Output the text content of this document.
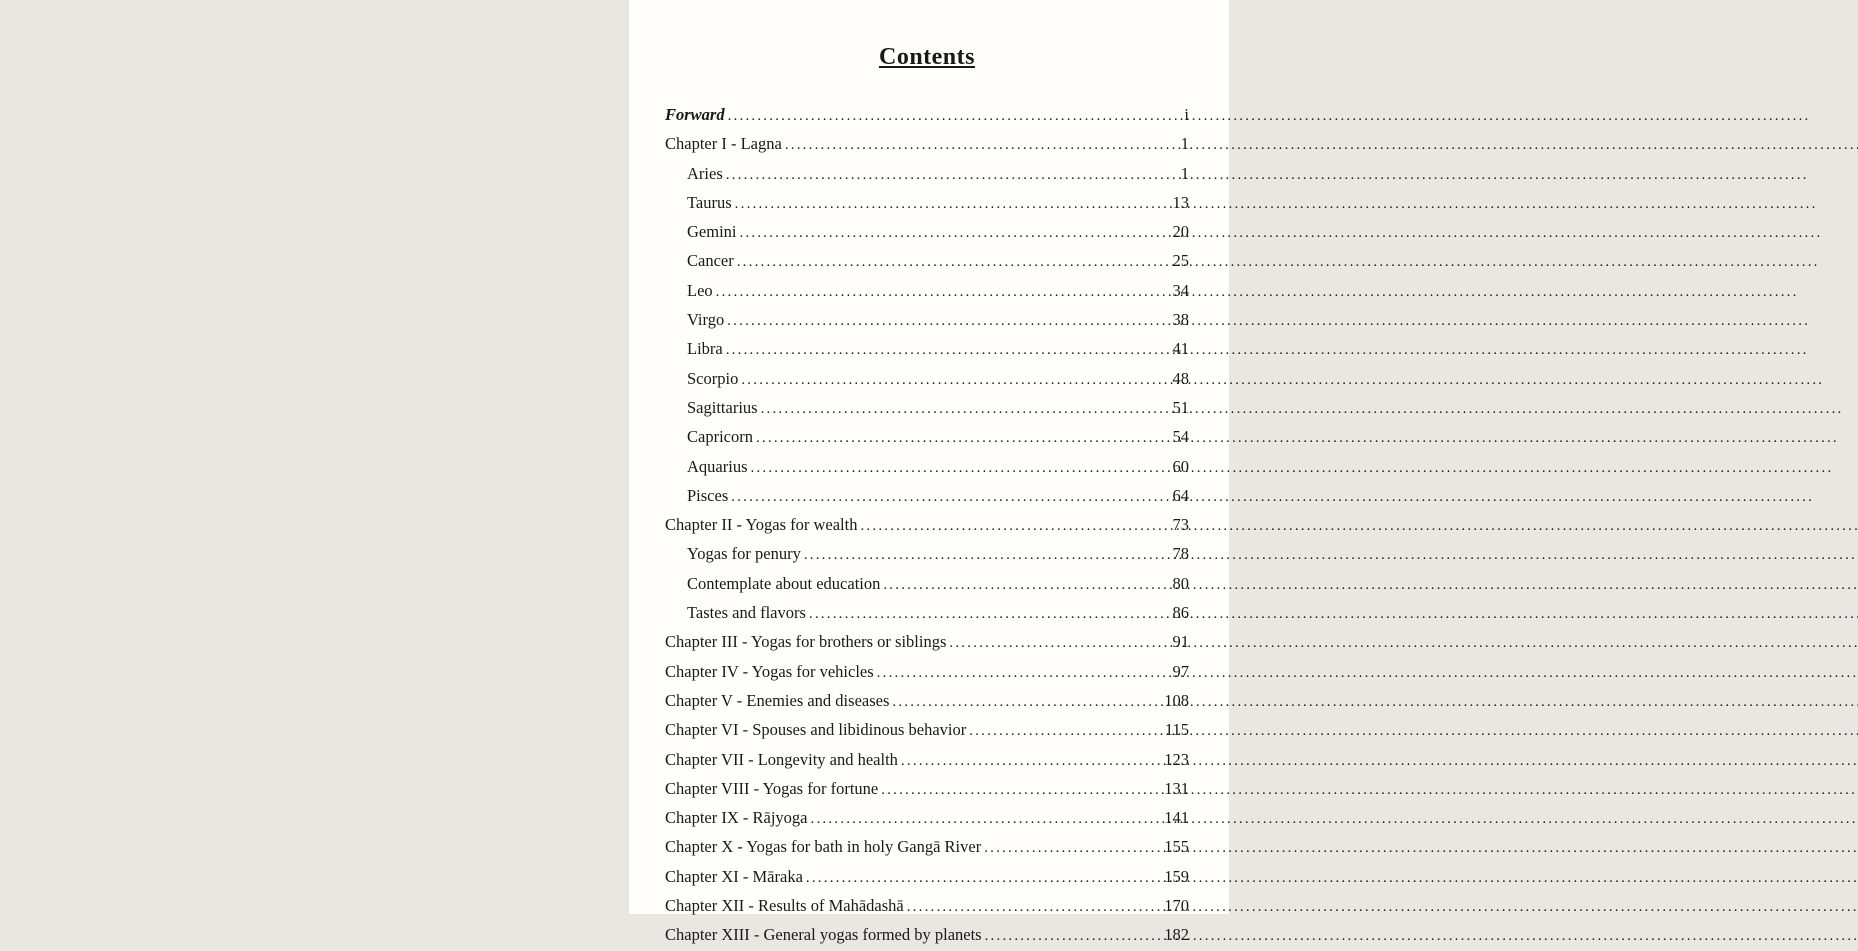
Contents
Forward .....	i
Chapter I - Lagna .....	1
Aries .....	1
Taurus .....	13
Gemini .....	20
Cancer .....	25
Leo .....	34
Virgo .....	38
Libra .....	41
Scorpio .....	48
Sagittarius .....	51
Capricorn .....	54
Aquarius .....	60
Pisces .....	64
Chapter II - Yogas for wealth .....	73
Yogas for penury .....	78
Contemplate about education .....	80
Tastes and flavors .....	86
Chapter III - Yogas for brothers or siblings .....	91
Chapter IV - Yogas for vehicles .....	97
Chapter V - Enemies and diseases .....	108
Chapter VI - Spouses and libidinous behavior .....	115
Chapter VII - Longevity and health .....	123
Chapter VIII - Yogas for fortune .....	131
Chapter IX - Rājyoga .....	141
Chapter X - Yogas for bath in holy Gangā River .....	155
Chapter XI - Māraka .....	159
Chapter XII - Results of Mahādashā .....	170
Chapter XIII - General yogas formed by planets .....	182
